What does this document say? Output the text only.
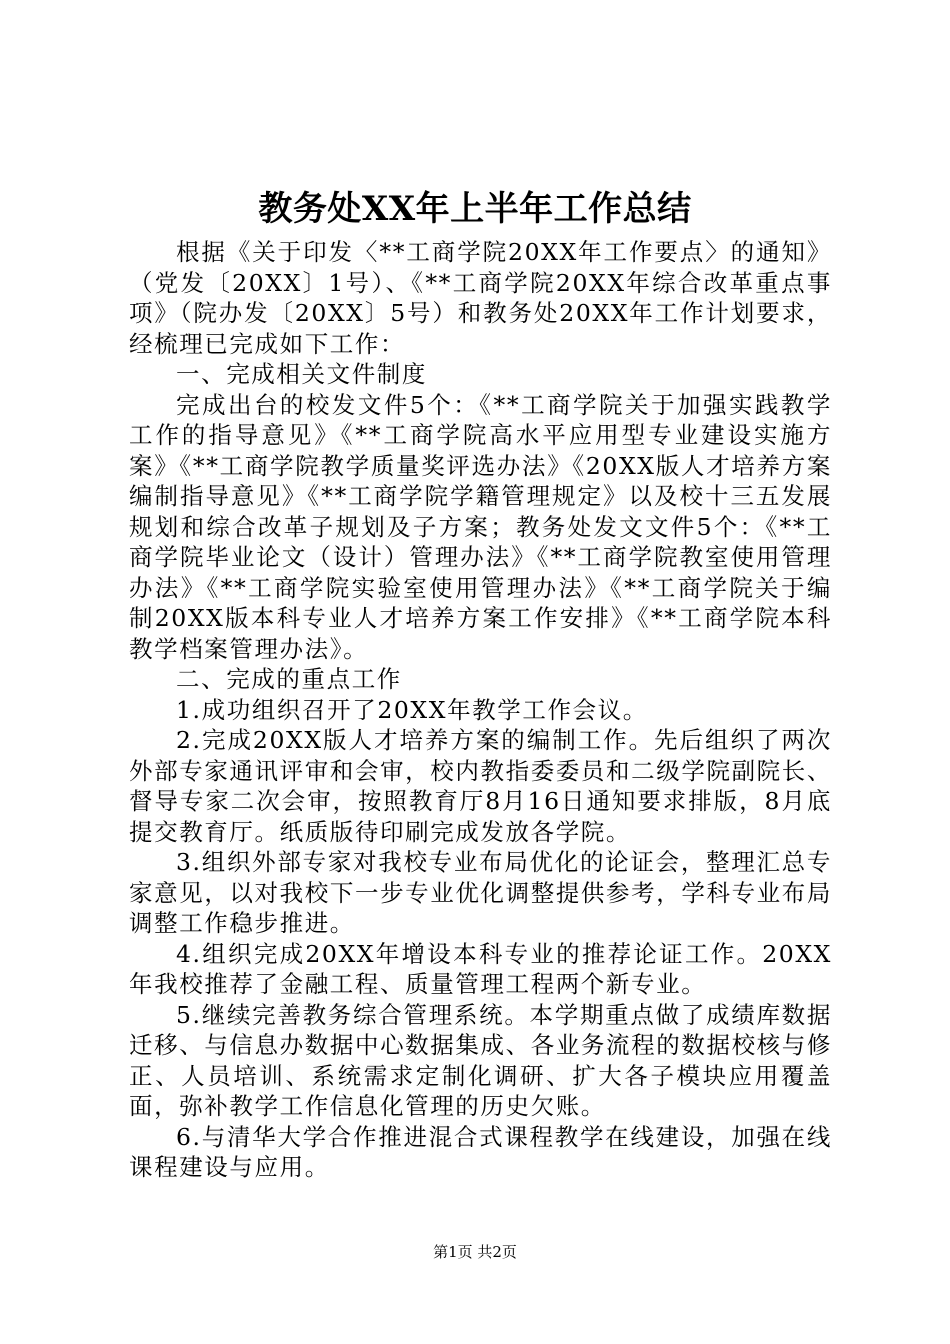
教务处XX年上半年工作总结

根据《关于印发〈**工商学院20XX年工作要点〉的通知》（党发〔20XX〕1号）、《**工商学院20XX年综合改革重点事项》（院办发〔20XX〕5号）和教务处20XX年工作计划要求，经梳理已完成如下工作：

一、完成相关文件制度

完成出台的校发文件5个：《**工商学院关于加强实践教学工作的指导意见》《**工商学院高水平应用型专业建设实施方案》《**工商学院教学质量奖评选办法》《20XX版人才培养方案编制指导意见》《**工商学院学籍管理规定》以及校十三五发展规划和综合改革子规划及子方案；教务处发文文件5个：《**工商学院毕业论文（设计）管理办法》《**工商学院教室使用管理办法》《**工商学院实验室使用管理办法》《**工商学院关于编制20XX版本科专业人才培养方案工作安排》《**工商学院本科教学档案管理办法》。

二、完成的重点工作

1.成功组织召开了20XX年教学工作会议。

2.完成20XX版人才培养方案的编制工作。先后组织了两次外部专家通讯评审和会审，校内教指委委员和二级学院副院长、督导专家二次会审，按照教育厅8月16日通知要求排版，8月底提交教育厅。纸质版待印刷完成发放各学院。

3.组织外部专家对我校专业布局优化的论证会，整理汇总专家意见，以对我校下一步专业优化调整提供参考，学科专业布局调整工作稳步推进。

4.组织完成20XX年增设本科专业的推荐论证工作。20XX年我校推荐了金融工程、质量管理工程两个新专业。

5.继续完善教务综合管理系统。本学期重点做了成绩库数据迁移、与信息办数据中心数据集成、各业务流程的数据校核与修正、人员培训、系统需求定制化调研、扩大各子模块应用覆盖面，弥补教学工作信息化管理的历史欠账。

6.与清华大学合作推进混合式课程教学在线建设，加强在线课程建设与应用。

第1页 共2页
